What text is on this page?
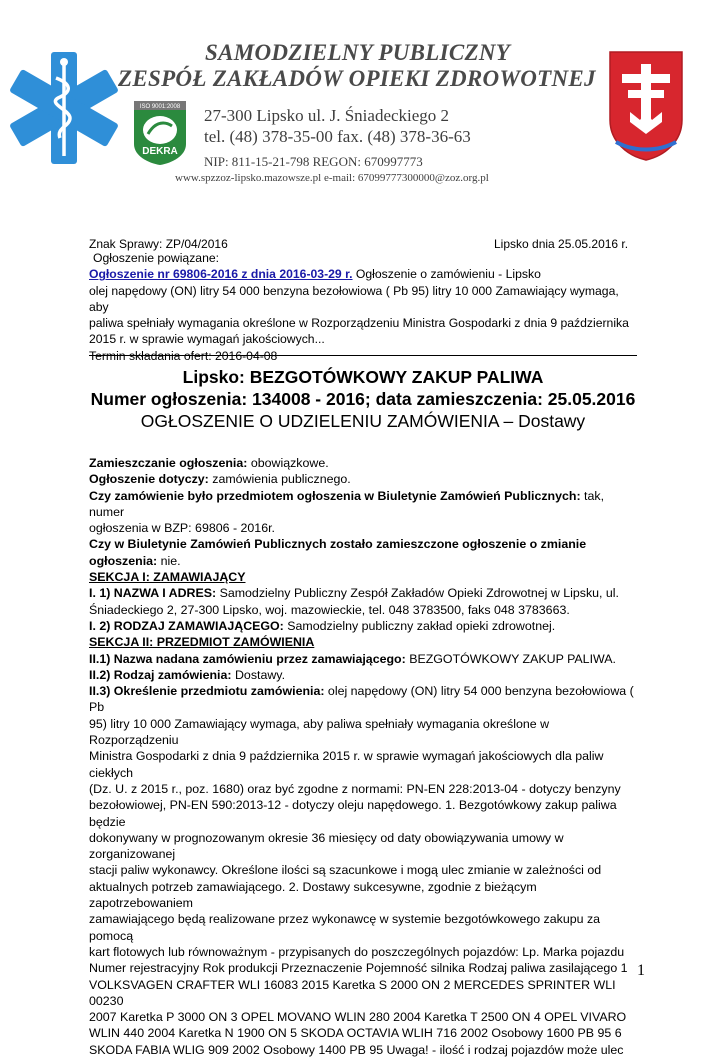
SAMODZIELNY PUBLICZNY
ZESPÓŁ ZAKŁADÓW OPIEKI ZDROWOTNEJ
ISO 9001:2008
DEKRA
27-300 Lipsko ul. J. Śniadeckiego 2
tel. (48) 378-35-00 fax. (48) 378-36-63
NIP: 811-15-21-798 REGON: 670997773
www.spzzoz-lipsko.mazowsze.pl e-mail: 67099777300000@zoz.org.pl
Znak Sprawy: ZP/04/2016	Lipsko dnia 25.05.2016 r.
Ogłoszenie powiązane:
Ogłoszenie nr 69806-2016 z dnia 2016-03-29 r. Ogłoszenie o zamówieniu - Lipsko
olej napędowy (ON) litry 54 000 benzyna bezołowiowa ( Pb 95) litry 10 000 Zamawiający wymaga, aby
paliwa spełniały wymagania określone w Rozporządzeniu Ministra Gospodarki z dnia 9 października
2015 r. w sprawie wymagań jakościowych...
Termin składania ofert: 2016-04-08
Lipsko: BEZGOTÓWKOWY ZAKUP PALIWA
Numer ogłoszenia: 134008 - 2016; data zamieszczenia: 25.05.2016
OGŁOSZENIE O UDZIELENIU ZAMÓWIENIA – Dostawy
Zamieszczanie ogłoszenia: obowiązkowe.
Ogłoszenie dotyczy: zamówienia publicznego.
Czy zamówienie było przedmiotem ogłoszenia w Biuletynie Zamówień Publicznych: tak, numer
ogłoszenia w BZP: 69806 - 2016r.
Czy w Biuletynie Zamówień Publicznych zostało zamieszczone ogłoszenie o zmianie
ogłoszenia: nie.
SEKCJA I: ZAMAWIAJĄCY
I. 1) NAZWA I ADRES: Samodzielny Publiczny Zespół Zakładów Opieki Zdrowotnej w Lipsku, ul.
Śniadeckiego 2, 27-300 Lipsko, woj. mazowieckie, tel. 048 3783500, faks 048 3783663.
I. 2) RODZAJ ZAMAWIAJĄCEGO: Samodzielny publiczny zakład opieki zdrowotnej.
SEKCJA II: PRZEDMIOT ZAMÓWIENIA
II.1) Nazwa nadana zamówieniu przez zamawiającego: BEZGOTÓWKOWY ZAKUP PALIWA.
II.2) Rodzaj zamówienia: Dostawy.
II.3) Określenie przedmiotu zamówienia: olej napędowy (ON) litry 54 000 benzyna bezołowiowa ( Pb
95) litry 10 000 Zamawiający wymaga, aby paliwa spełniały wymagania określone w Rozporządzeniu
Ministra Gospodarki z dnia 9 października 2015 r. w sprawie wymagań jakościowych dla paliw ciekłych
(Dz. U. z 2015 r., poz. 1680) oraz być zgodne z normami: PN-EN 228:2013-04 - dotyczy benzyny
bezołowiowej, PN-EN 590:2013-12 - dotyczy oleju napędowego. 1. Bezgotówkowy zakup paliwa będzie
dokonywany w prognozowanym okresie 36 miesięcy od daty obowiązywania umowy w zorganizowanej
stacji paliw wykonawcy. Określone ilości są szacunkowe i mogą ulec zmianie w zależności od
aktualnych potrzeb zamawiającego. 2. Dostawy sukcesywne, zgodnie z bieżącym zapotrzebowaniem
zamawiającego będą realizowane przez wykonawcę w systemie bezgotówkowego zakupu za pomocą
kart flotowych lub równoważnym - przypisanych do poszczególnych pojazdów: Lp. Marka pojazdu
Numer rejestracyjny Rok produkcji Przeznaczenie Pojemność silnika Rodzaj paliwa zasilającego 1
VOLKSVAGEN CRAFTER WLI 16083 2015 Karetka S 2000 ON 2 MERCEDES SPRINTER WLI 00230
2007 Karetka P 3000 ON 3 OPEL MOVANO WLIN 280 2004 Karetka T 2500 ON 4 OPEL VIVARO
WLIN 440 2004 Karetka N 1900 ON 5 SKODA OCTAVIA WLIH 716 2002 Osobowy 1600 PB 95 6
SKODA FABIA WLIG 909 2002 Osobowy 1400 PB 95 Uwaga! - ilość i rodzaj pojazdów może ulec
1
